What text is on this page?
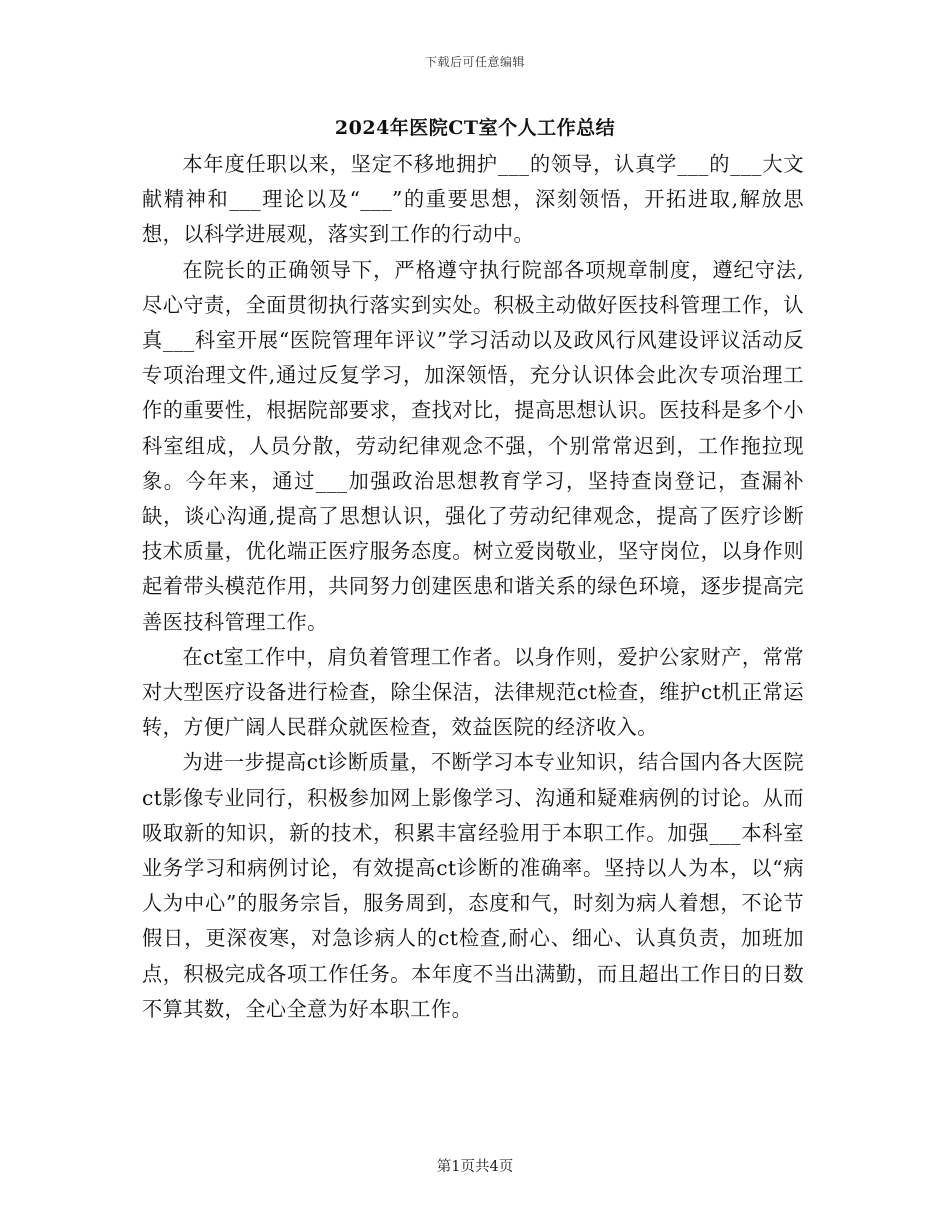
下载后可任意编辑
2024年医院CT室个人工作总结

本年度任职以来，坚定不移地拥护___的领导，认真学___的___大文献精神和___理论以及“___”的重要思想，深刻领悟，开拓进取,解放思想，以科学进展观，落实到工作的行动中。

在院长的正确领导下，严格遵守执行院部各项规章制度，遵纪守法,尽心守责，全面贯彻执行落实到实处。积极主动做好医技科管理工作，认真___科室开展“医院管理年评议”学习活动以及政风行风建设评议活动反专项治理文件,通过反复学习，加深领悟，充分认识体会此次专项治理工作的重要性，根据院部要求，查找对比，提高思想认识。医技科是多个小科室组成，人员分散，劳动纪律观念不强，个别常常迟到，工作拖拉现象。今年来，通过___加强政治思想教育学习，坚持查岗登记，查漏补缺，谈心沟通,提高了思想认识，强化了劳动纪律观念，提高了医疗诊断技术质量，优化端正医疗服务态度。树立爱岗敬业，坚守岗位，以身作则起着带头模范作用，共同努力创建医患和谐关系的绿色环境，逐步提高完善医技科管理工作。

在ct室工作中，肩负着管理工作者。以身作则，爱护公家财产，常常对大型医疗设备进行检查，除尘保洁，法律规范ct检查，维护ct机正常运转，方便广阔人民群众就医检查，效益医院的经济收入。

为进一步提高ct诊断质量，不断学习本专业知识，结合国内各大医院ct影像专业同行，积极参加网上影像学习、沟通和疑难病例的讨论。从而吸取新的知识，新的技术，积累丰富经验用于本职工作。加强___本科室业务学习和病例讨论，有效提高ct诊断的准确率。坚持以人为本，以“病人为中心”的服务宗旨，服务周到，态度和气，时刻为病人着想，不论节假日，更深夜寒，对急诊病人的ct检查,耐心、细心、认真负责，加班加点，积极完成各项工作任务。本年度不当出满勤，而且超出工作日的日数不算其数，全心全意为好本职工作。

第1页共4页
